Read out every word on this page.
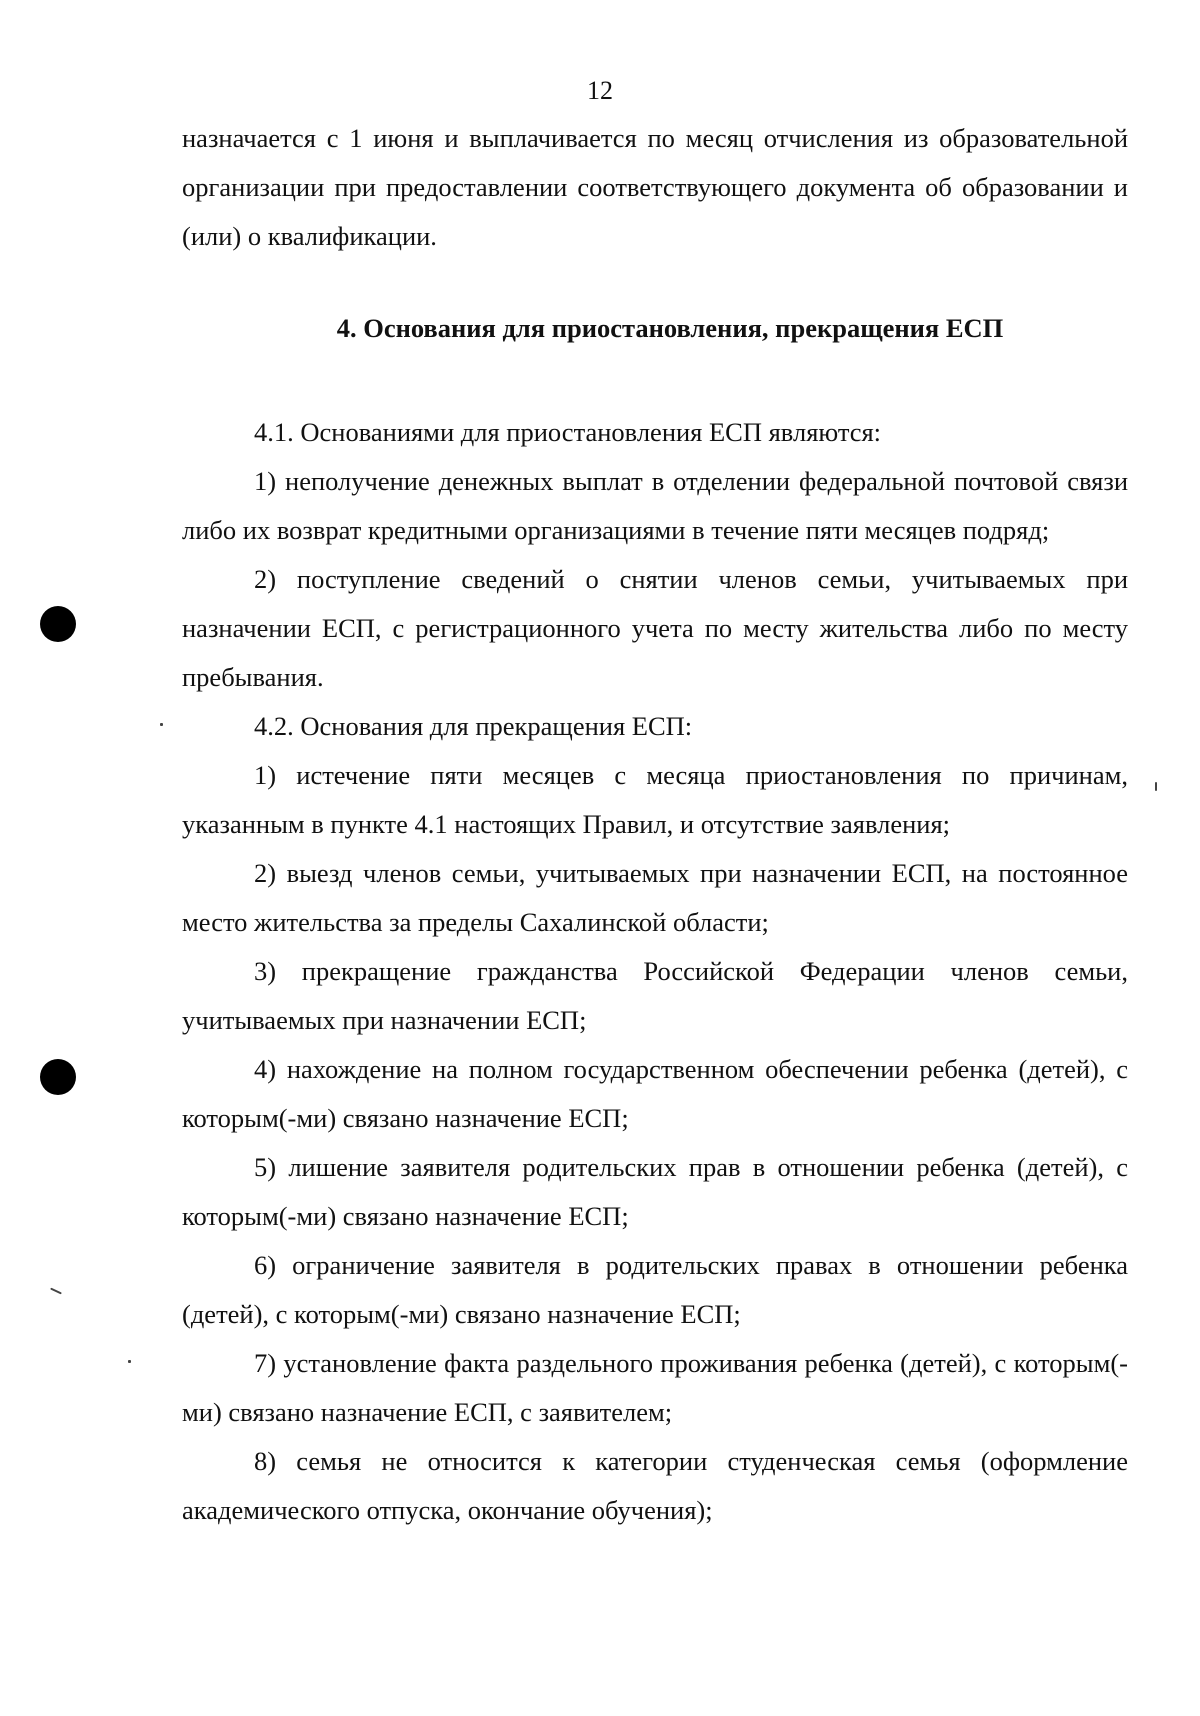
12

назначается с 1 июня и выплачивается по месяц отчисления из образовательной организации при предоставлении соответствующего документа об образовании и (или) о квалификации.

4. Основания для приостановления, прекращения ЕСП

4.1. Основаниями для приостановления ЕСП являются:

1) неполучение денежных выплат в отделении федеральной почтовой связи либо их возврат кредитными организациями в течение пяти месяцев подряд;

2) поступление сведений о снятии членов семьи, учитываемых при назначении ЕСП, с регистрационного учета по месту жительства либо по месту пребывания.

4.2. Основания для прекращения ЕСП:

1) истечение пяти месяцев с месяца приостановления по причинам, указанным в пункте 4.1 настоящих Правил, и отсутствие заявления;

2) выезд членов семьи, учитываемых при назначении ЕСП, на постоянное место жительства за пределы Сахалинской области;

3) прекращение гражданства Российской Федерации членов семьи, учитываемых при назначении ЕСП;

4) нахождение на полном государственном обеспечении ребенка (детей), с которым(-ми) связано назначение ЕСП;

5) лишение заявителя родительских прав в отношении ребенка (детей), с которым(-ми) связано назначение ЕСП;

6) ограничение заявителя в родительских правах в отношении ребенка (детей), с которым(-ми) связано назначение ЕСП;

7) установление факта раздельного проживания ребенка (детей), с которым(-ми) связано назначение ЕСП, с заявителем;

8) семья не относится к категории студенческая семья (оформление академического отпуска, окончание обучения);
